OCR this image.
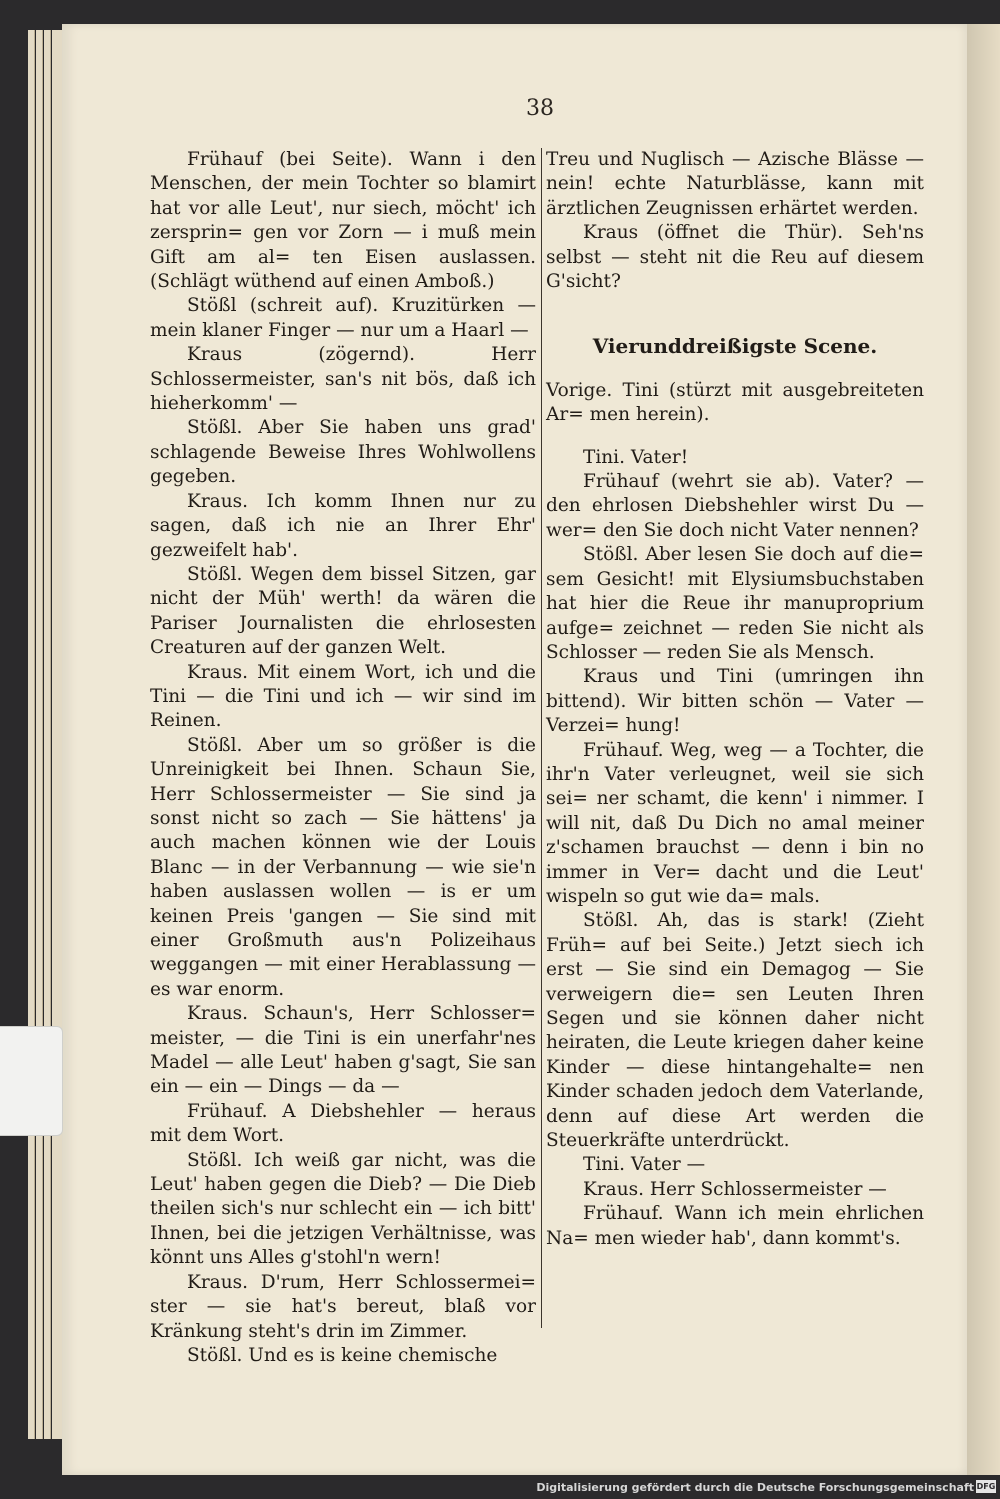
38

Frühauf (bei Seite). Wann i den Menschen, der mein Tochter so blamirt hat vor alle Leut', nur siech, möcht' ich zersprin= gen vor Zorn — i muß mein Gift am al= ten Eisen auslassen. (Schlägt wüthend auf einen Amboß.)

Stößl (schreit auf). Kruzitürken — mein klaner Finger — nur um a Haarl —

Kraus (zögernd). Herr Schlossermeister, san's nit bös, daß ich hieherkomm' —

Stößl. Aber Sie haben uns grad' schlagende Beweise Ihres Wohlwollens gegeben.

Kraus. Ich komm Ihnen nur zu sagen, daß ich nie an Ihrer Ehr' gezweifelt hab'.

Stößl. Wegen dem bissel Sitzen, gar nicht der Müh' werth! da wären die Pariser Journalisten die ehrlosesten Creaturen auf der ganzen Welt.

Kraus. Mit einem Wort, ich und die Tini — die Tini und ich — wir sind im Reinen.

Stößl. Aber um so größer is die Unreinigkeit bei Ihnen. Schaun Sie, Herr Schlossermeister — Sie sind ja sonst nicht so zach — Sie hättens' ja auch machen können wie der Louis Blanc — in der Verbannung — wie sie'n haben auslassen wollen — is er um keinen Preis 'gangen — Sie sind mit einer Großmuth aus'n Polizeihaus weggangen — mit einer Herablassung — es war enorm.

Kraus. Schaun's, Herr Schlosser= meister, — die Tini is ein unerfahr'nes Madel — alle Leut' haben g'sagt, Sie san ein — ein — Dings — da —

Frühauf. A Diebshehler — heraus mit dem Wort.

Stößl. Ich weiß gar nicht, was die Leut' haben gegen die Dieb? — Die Dieb theilen sich's nur schlecht ein — ich bitt' Ihnen, bei die jetzigen Verhältnisse, was könnt uns Alles g'stohl'n wern!

Kraus. D'rum, Herr Schlossermei= ster — sie hat's bereut, blaß vor Kränkung steht's drin im Zimmer.

Stößl. Und es is keine chemische

Treu und Nuglisch — Azische Blässe — nein! echte Naturblässe, kann mit ärztlichen Zeugnissen erhärtet werden.

Kraus (öffnet die Thür). Seh'ns selbst — steht nit die Reu auf diesem G'sicht?

Vierunddreißigste Scene.

Vorige. Tini (stürzt mit ausgebreiteten Ar= men herein).

Tini. Vater!

Frühauf (wehrt sie ab). Vater? — den ehrlosen Diebshehler wirst Du — wer= den Sie doch nicht Vater nennen?

Stößl. Aber lesen Sie doch auf die= sem Gesicht! mit Elysiumsbuchstaben hat hier die Reue ihr manuproprium aufge= zeichnet — reden Sie nicht als Schlosser — reden Sie als Mensch.

Kraus und Tini (umringen ihn bittend). Wir bitten schön — Vater — Verzei= hung!

Frühauf. Weg, weg — a Tochter, die ihr'n Vater verleugnet, weil sie sich sei= ner schamt, die kenn' i nimmer. I will nit, daß Du Dich no amal meiner z'schamen brauchst — denn i bin no immer in Ver= dacht und die Leut' wispeln so gut wie da= mals.

Stößl. Ah, das is stark! (Zieht Früh= auf bei Seite.) Jetzt siech ich erst — Sie sind ein Demagog — Sie verweigern die= sen Leuten Ihren Segen und sie können daher nicht heiraten, die Leute kriegen daher keine Kinder — diese hintangehalte= nen Kinder schaden jedoch dem Vaterlande, denn auf diese Art werden die Steuerkräfte unterdrückt.

Tini. Vater —

Kraus. Herr Schlossermeister —

Frühauf. Wann ich mein ehrlichen Na= men wieder hab', dann kommt's.

Digitalisierung gefördert durch die Deutsche Forschungsgemeinschaft DFG
